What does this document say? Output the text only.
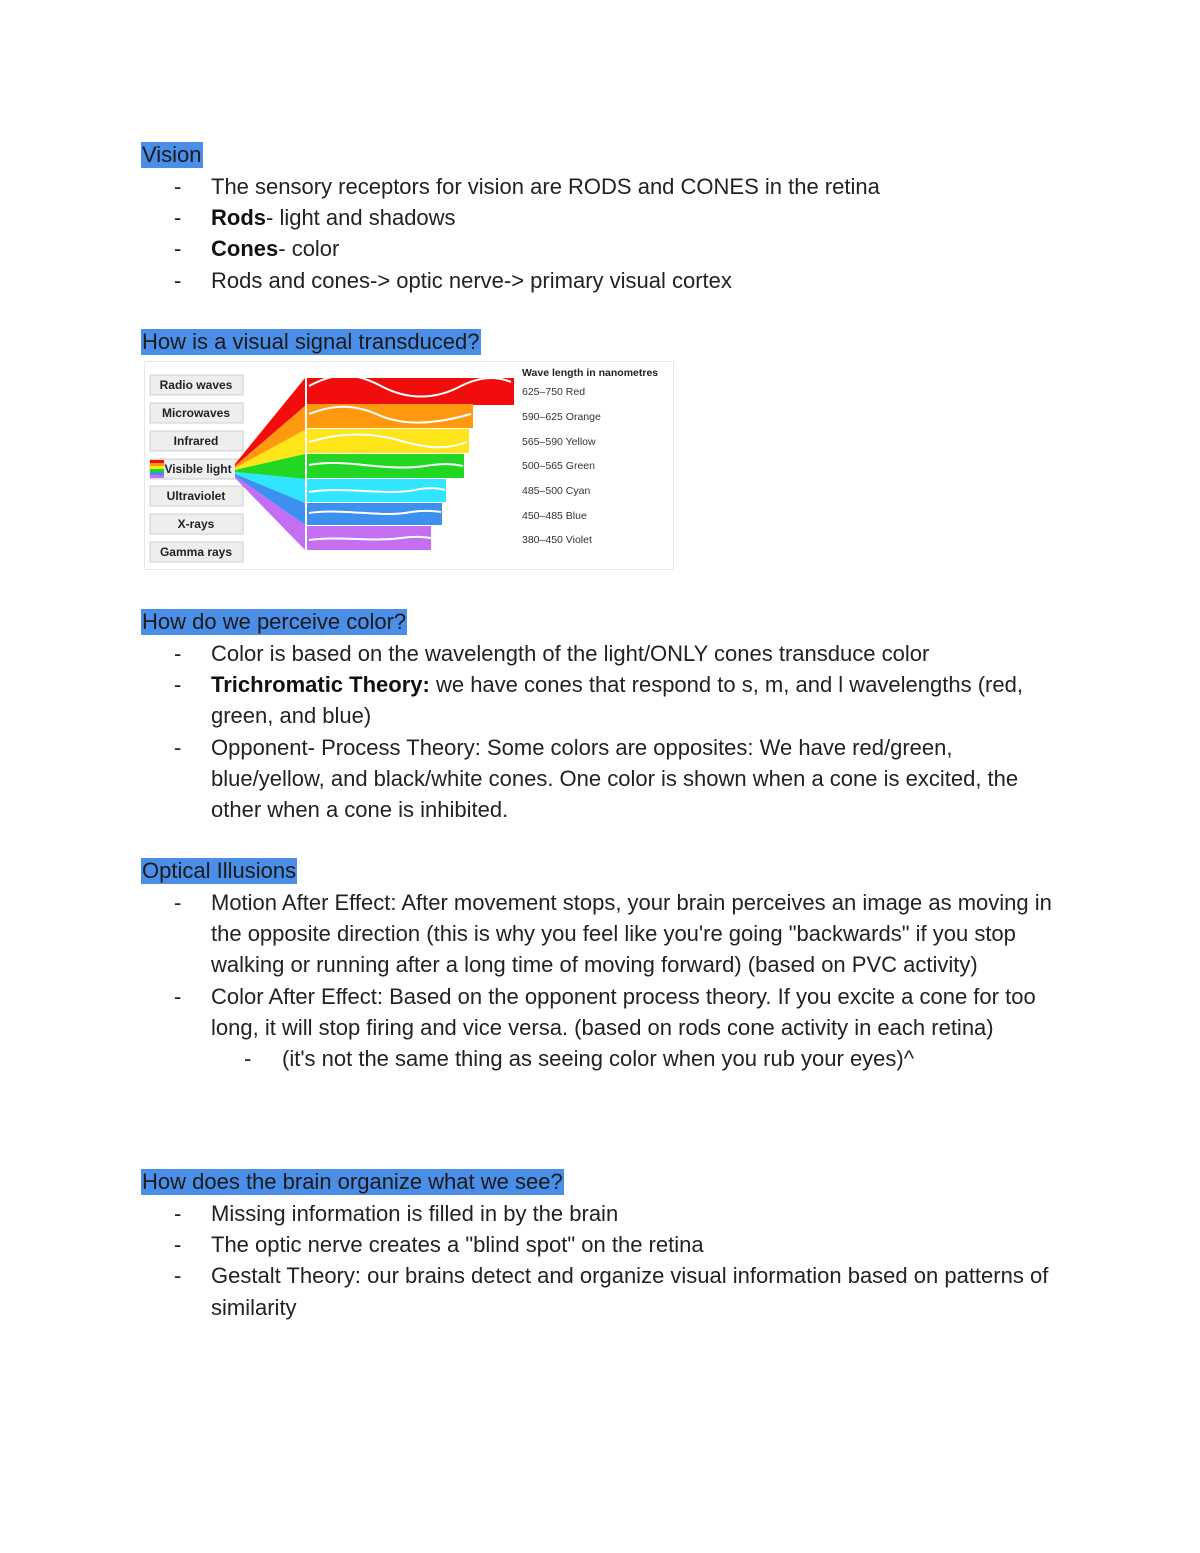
Vision
- The sensory receptors for vision are RODS and CONES in the retina
- Rods- light and shadows
- Cones- color
- Rods and cones-> optic nerve-> primary visual cortex
How is a visual signal transduced?
Radio waves
Microwaves
Infrared
Visible light
Ultraviolet
X-rays
Gamma rays
Wave length in nanometres
625–750 Red
590–625 Orange
565–590 Yellow
500–565 Green
485–500 Cyan
450–485 Blue
380–450 Violet
How do we perceive color?
- Color is based on the wavelength of the light/ONLY cones transduce color
- Trichromatic Theory: we have cones that respond to s, m, and l wavelengths (red, green, and blue)
- Opponent- Process Theory: Some colors are opposites: We have red/green, blue/yellow, and black/white cones. One color is shown when a cone is excited, the other when a cone is inhibited.
Optical Illusions
- Motion After Effect: After movement stops, your brain perceives an image as moving in the opposite direction (this is why you feel like you're going "backwards" if you stop walking or running after a long time of moving forward) (based on PVC activity)
- Color After Effect: Based on the opponent process theory. If you excite a cone for too long, it will stop firing and vice versa. (based on rods cone activity in each retina)
- (it's not the same thing as seeing color when you rub your eyes)^
How does the brain organize what we see?
- Missing information is filled in by the brain
- The optic nerve creates a "blind spot" on the retina
- Gestalt Theory: our brains detect and organize visual information based on patterns of similarity
